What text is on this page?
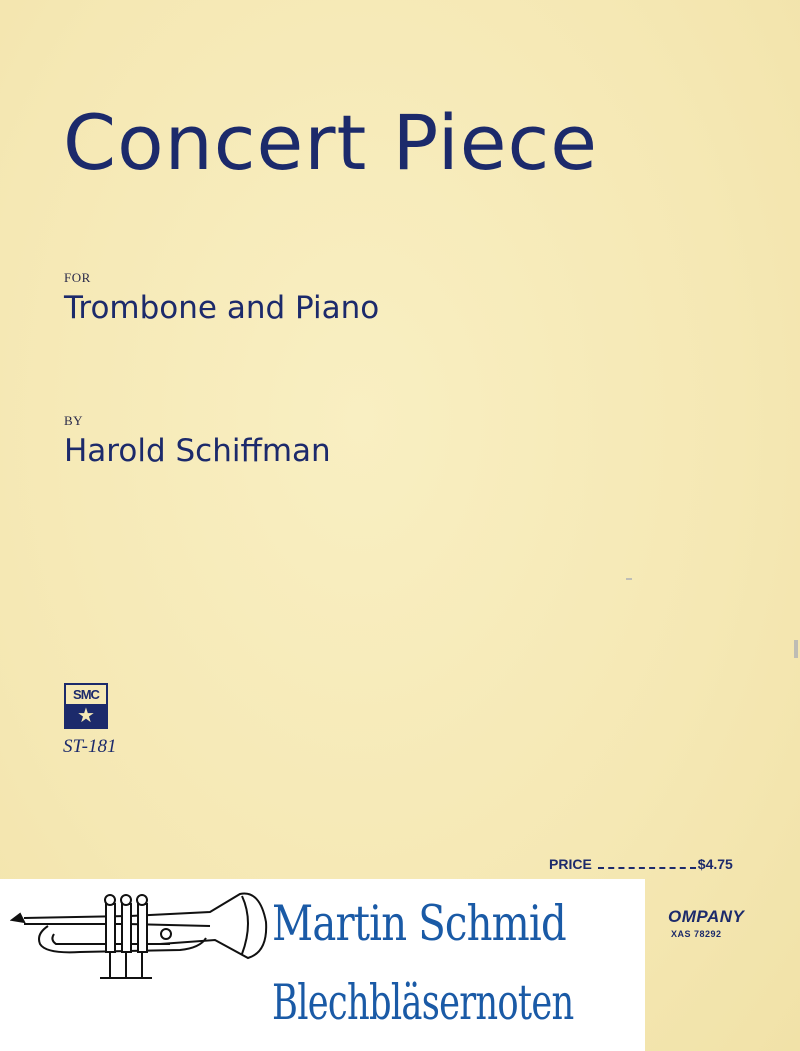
Concert Piece
FOR
Trombone and Piano
BY
Harold Schiffman
SMC
★
ST-181
PRICE	$4.75
OMPANY
XAS 78292
Martin Schmid
Blechbläsernoten
